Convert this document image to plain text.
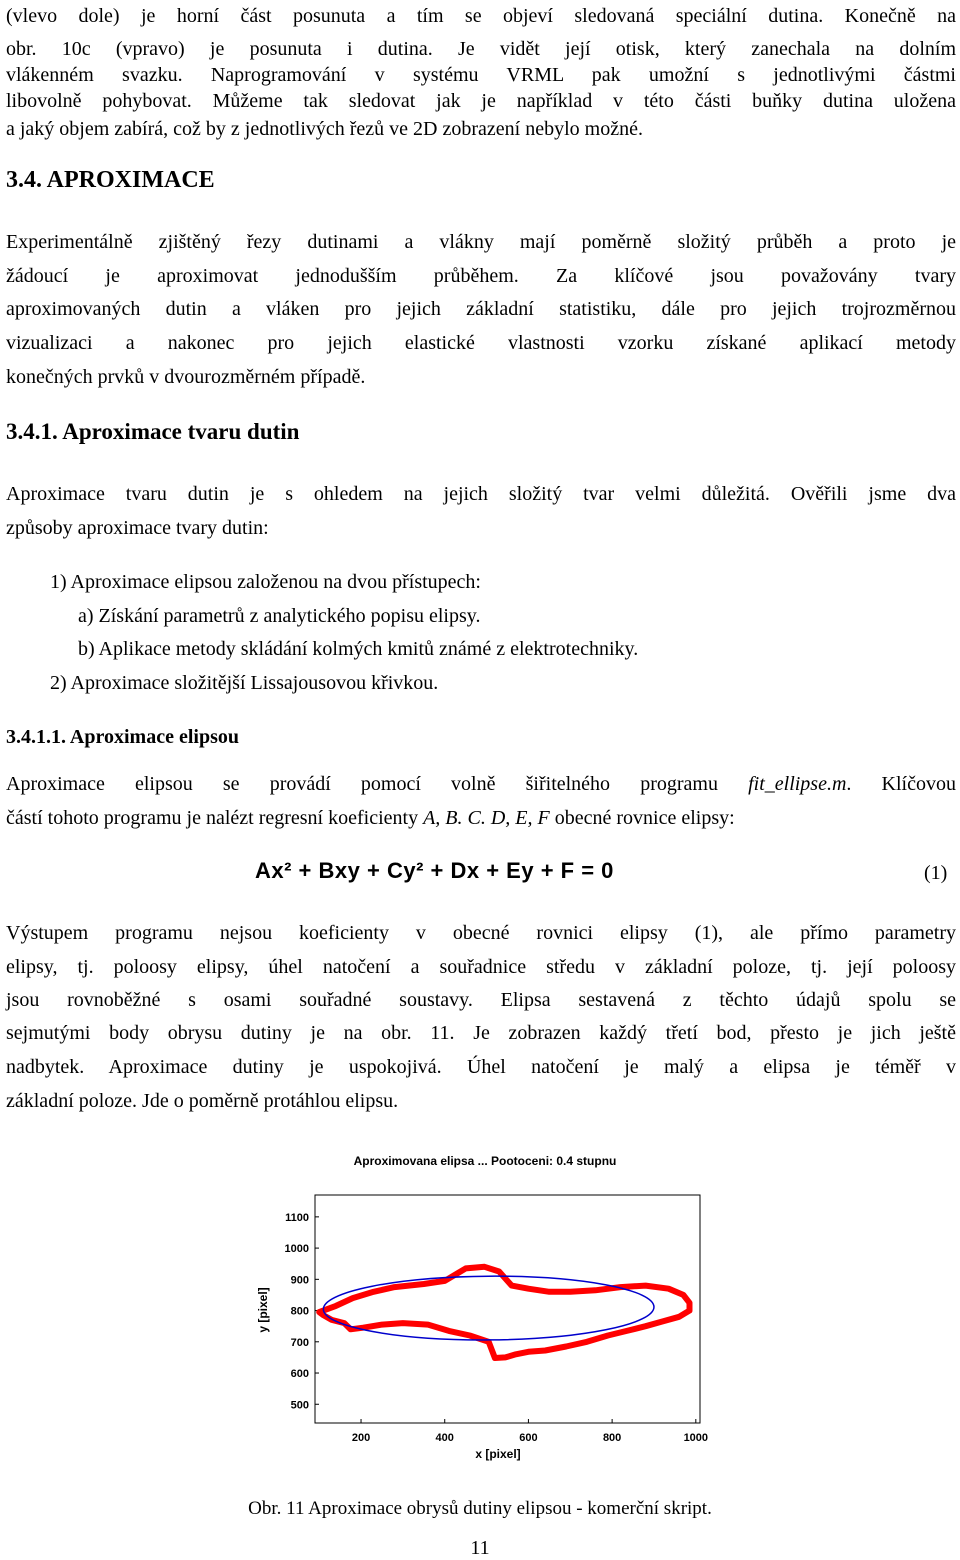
(vlevo dole) je horní část posunuta a tím se objeví sledovaná speciální dutina. Konečně na
obr. 10c (vpravo) je posunuta i dutina. Je vidět její otisk, který zanechala na dolním
vlákenném svazku. Naprogramování v systému VRML pak umožní s jednotlivými částmi
libovolně pohybovat. Můžeme tak sledovat jak je například v této části buňky dutina uložena
a jaký objem zabírá, což by z jednotlivých řezů ve 2D zobrazení nebylo možné.
3.4. APROXIMACE
Experimentálně zjištěný řezy dutinami a vlákny mají poměrně složitý průběh a proto je
žádoucí je aproximovat jednodušším průběhem. Za klíčové jsou považovány tvary
aproximovaných dutin a vláken pro jejich základní statistiku, dále pro jejich trojrozměrnou
vizualizaci a nakonec pro jejich elastické vlastnosti vzorku získané aplikací metody
konečných prvků v dvourozměrném případě.
3.4.1. Aproximace tvaru dutin
Aproximace tvaru dutin je s ohledem na jejich složitý tvar velmi důležitá. Ověřili jsme dva
způsoby aproximace tvary dutin:
1) Aproximace elipsou založenou na dvou přístupech:
a) Získání parametrů z analytického popisu elipsy.
b) Aplikace metody skládání kolmých kmitů známé z elektrotechniky.
2) Aproximace složitější Lissajousovou křivkou.
3.4.1.1. Aproximace elipsou
Aproximace elipsou se provádí pomocí volně šiřitelného programu fit_ellipse.m. Klíčovou
částí tohoto programu je nalézt regresní koeficienty A, B. C. D, E, F obecné rovnice elipsy:
Ax² + Bxy + Cy² + Dx + Ey + F = 0	(1)
Výstupem programu nejsou koeficienty v obecné rovnici elipsy (1), ale přímo parametry
elipsy, tj. poloosy elipsy, úhel natočení a souřadnice středu v základní poloze, tj. její poloosy
jsou rovnoběžné s osami souřadné soustavy. Elipsa sestavená z těchto údajů spolu se
sejmutými body obrysu dutiny je na obr. 11. Je zobrazen každý třetí bod, přesto je jich ještě
nadbytek. Aproximace dutiny je uspokojivá. Úhel natočení je malý a elipsa je téměř v
základní poloze. Jde o poměrně protáhlou elipsu.
Aproximovana elipsa ... Pootoceni: 0.4 stupnu
200	400	600	800	1000
500
600
700
800
900
1000
1100
x [pixel]
y [pixel]
Obr. 11 Aproximace obrysů dutiny elipsou - komerční skript.
11
